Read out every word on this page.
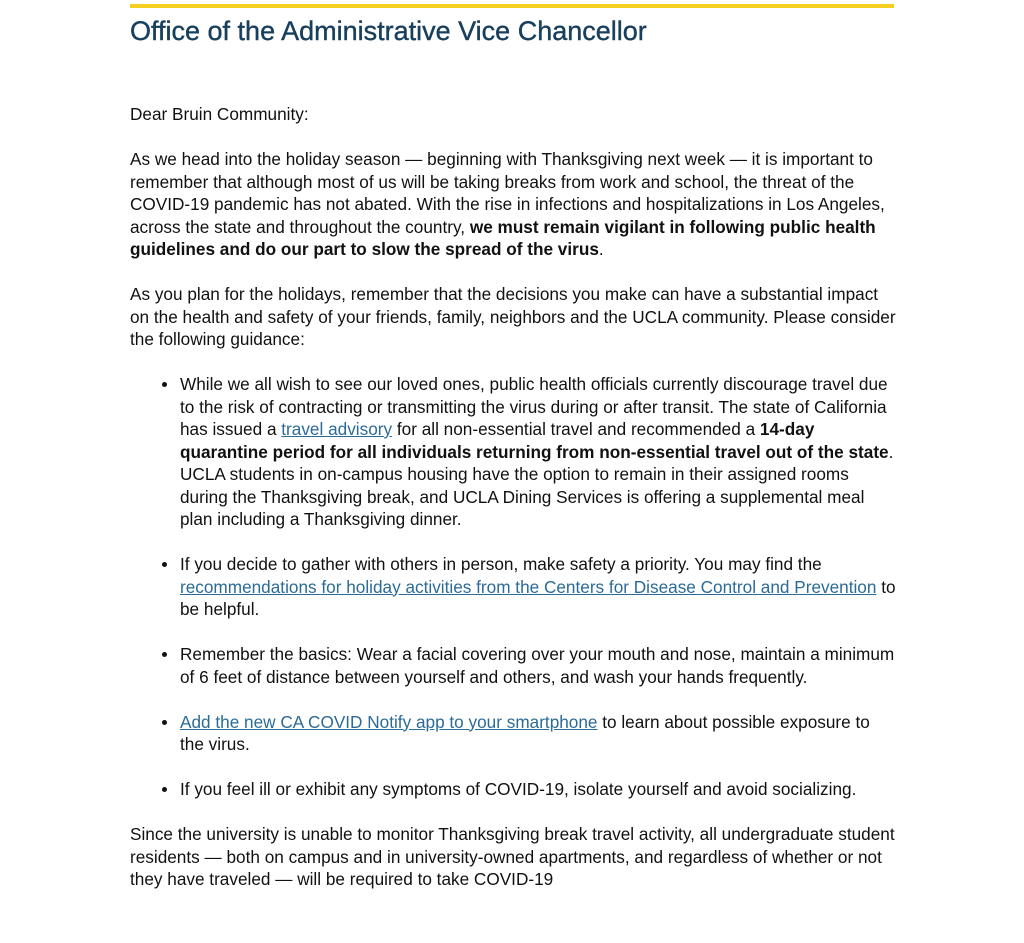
Office of the Administrative Vice Chancellor

Dear Bruin Community:

As we head into the holiday season — beginning with Thanksgiving next week — it is important to remember that although most of us will be taking breaks from work and school, the threat of the COVID-19 pandemic has not abated. With the rise in infections and hospitalizations in Los Angeles, across the state and throughout the country, we must remain vigilant in following public health guidelines and do our part to slow the spread of the virus.

As you plan for the holidays, remember that the decisions you make can have a substantial impact on the health and safety of your friends, family, neighbors and the UCLA community. Please consider the following guidance:

While we all wish to see our loved ones, public health officials currently discourage travel due to the risk of contracting or transmitting the virus during or after transit. The state of California has issued a travel advisory for all non-essential travel and recommended a 14-day quarantine period for all individuals returning from non-essential travel out of the state. UCLA students in on-campus housing have the option to remain in their assigned rooms during the Thanksgiving break, and UCLA Dining Services is offering a supplemental meal plan including a Thanksgiving dinner.
If you decide to gather with others in person, make safety a priority. You may find the recommendations for holiday activities from the Centers for Disease Control and Prevention to be helpful.
Remember the basics: Wear a facial covering over your mouth and nose, maintain a minimum of 6 feet of distance between yourself and others, and wash your hands frequently.
Add the new CA COVID Notify app to your smartphone to learn about possible exposure to the virus.
If you feel ill or exhibit any symptoms of COVID-19, isolate yourself and avoid socializing.

Since the university is unable to monitor Thanksgiving break travel activity, all undergraduate student residents — both on campus and in university-owned apartments, and regardless of whether or not they have traveled — will be required to take COVID-19
